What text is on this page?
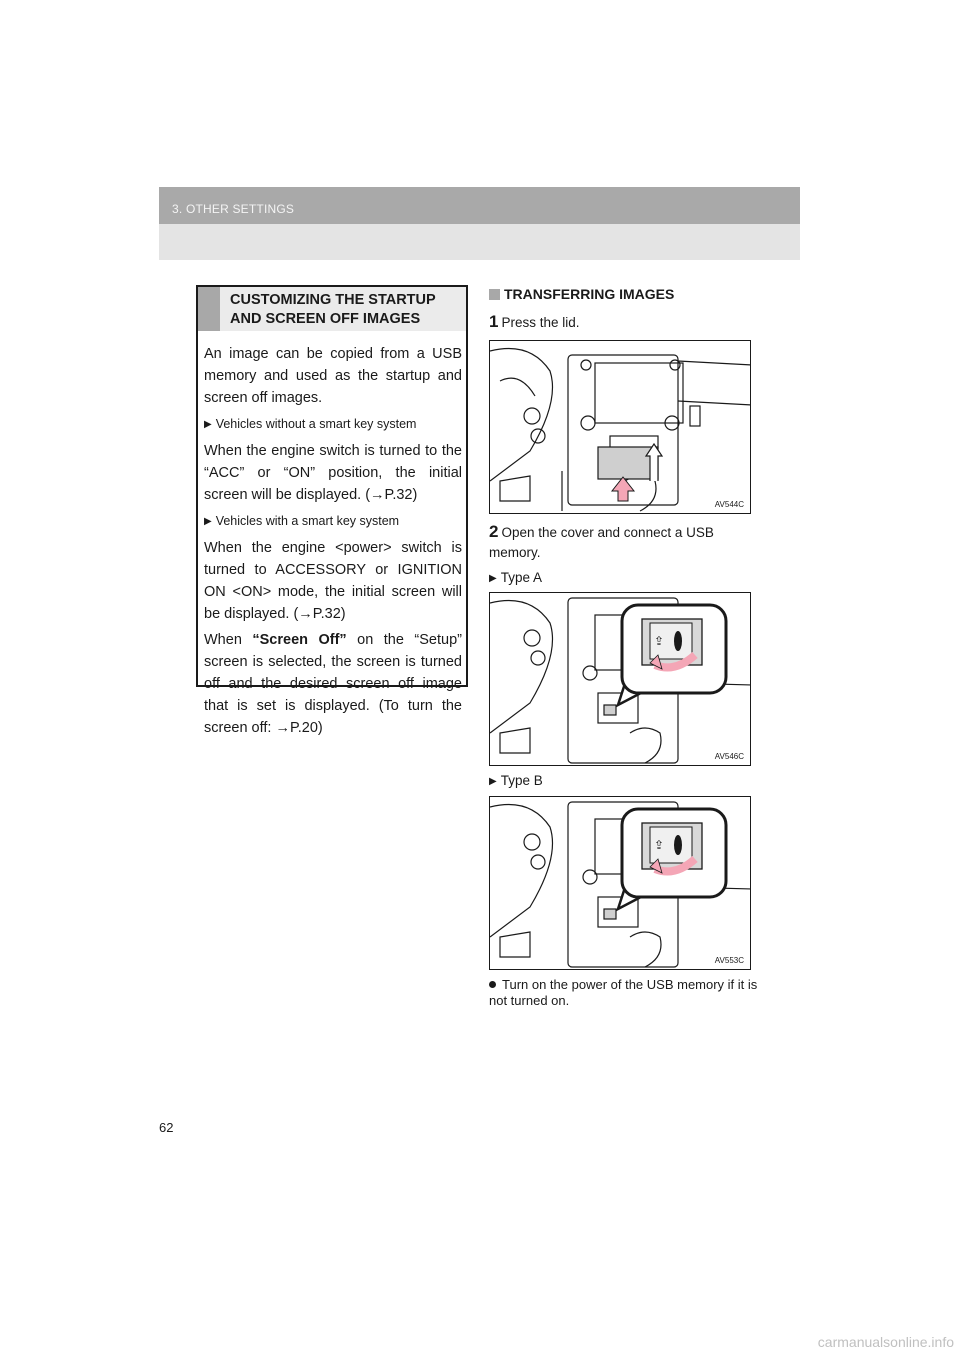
3. OTHER SETTINGS
CUSTOMIZING THE STARTUP
AND SCREEN OFF IMAGES

An image can be copied from a USB memory and used as the startup and screen off images.

▶ Vehicles without a smart key system

When the engine switch is turned to the “ACC” or “ON” position, the initial screen will be displayed. (→P.32)

▶ Vehicles with a smart key system

When the engine <power> switch is turned to ACCESSORY or IGNITION ON <ON> mode, the initial screen will be displayed. (→P.32)

When “Screen Off” on the “Setup” screen is selected, the screen is turned off and the desired screen off image that is set is displayed. (To turn the screen off: →P.20)

TRANSFERRING IMAGES
1 Press the lid.
AV544C
2 Open the cover and connect a USB memory.
▶ Type A
⇪
AV546C
▶ Type B
⇪
AV553C
Turn on the power of the USB memory if it is not turned on.
62
carmanualsonline.info
